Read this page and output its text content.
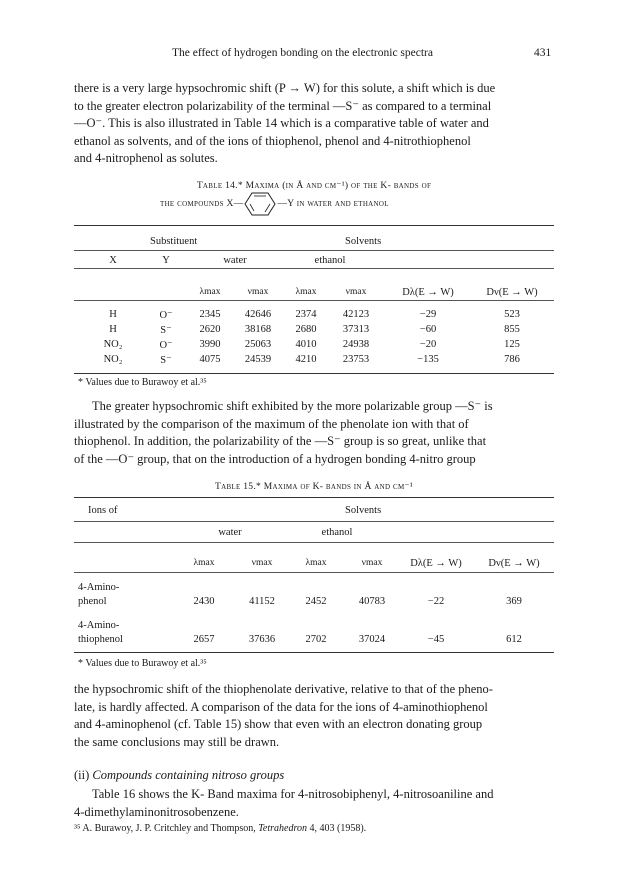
The effect of hydrogen bonding on the electronic spectra	431

there is a very large hypsochromic shift (P → W) for this solute, a shift which is due

to the greater electron polarizability of the terminal —S⁻ as compared to a terminal

—O⁻. This is also illustrated in Table 14 which is a comparative table of water and

ethanol as solvents, and of the ions of thiophenol, phenol and 4-nitrothiophenol

and 4-nitrophenol as solutes.

Table 14.* Maxima (in Å and cm⁻¹) of the K- bands of
the compounds X—	—Y in water and ethanol
Substituent	Solvents
X	Y	water	ethanol
λmax	νmax	λmax	νmax	Dλ(E → W)	Dν(E → W)
H	O⁻	2345 42646 2374	42123	−29	523
H	S⁻	2620 38168 2680	37313	−60	855
NO₂	O⁻	3990 25063 4010	24938	−20	125
NO₂	S⁻	4075 24539 4210	23753	−135	786
* Values due to Burawoy et al.³⁵

The greater hypsochromic shift exhibited by the more polarizable group —S⁻ is

illustrated by the comparison of the maximum of the phenolate ion with that of

thiophenol. In addition, the polarizability of the —S⁻ group is so great, unlike that

of the —O⁻ group, that on the introduction of a hydrogen bonding 4-nitro group

Table 15.* Maxima of K- bands in Å and cm⁻¹
Ions of	Solvents
water	ethanol
λmax	νmax	λmax	νmax	Dλ(E → W)	Dν(E → W)
4-Amino-
phenol	2430	41152	2452	40783	−22	369
4-Amino-
thiophenol	2657	37636	2702	37024	−45	612
* Values due to Burawoy et al.³⁵

the hypsochromic shift of the thiophenolate derivative, relative to that of the pheno-

late, is hardly affected. A comparison of the data for the ions of 4-aminothiophenol

and 4-aminophenol (cf. Table 15) show that even with an electron donating group

the same conclusions may still be drawn.

(ii) Compounds containing nitroso groups

Table 16 shows the K- Band maxima for 4-nitrosobiphenyl, 4-nitrosoaniline and

4-dimethylaminonitrosobenzene.

³⁵ A. Burawoy, J. P. Critchley and Thompson, Tetrahedron 4, 403 (1958).
